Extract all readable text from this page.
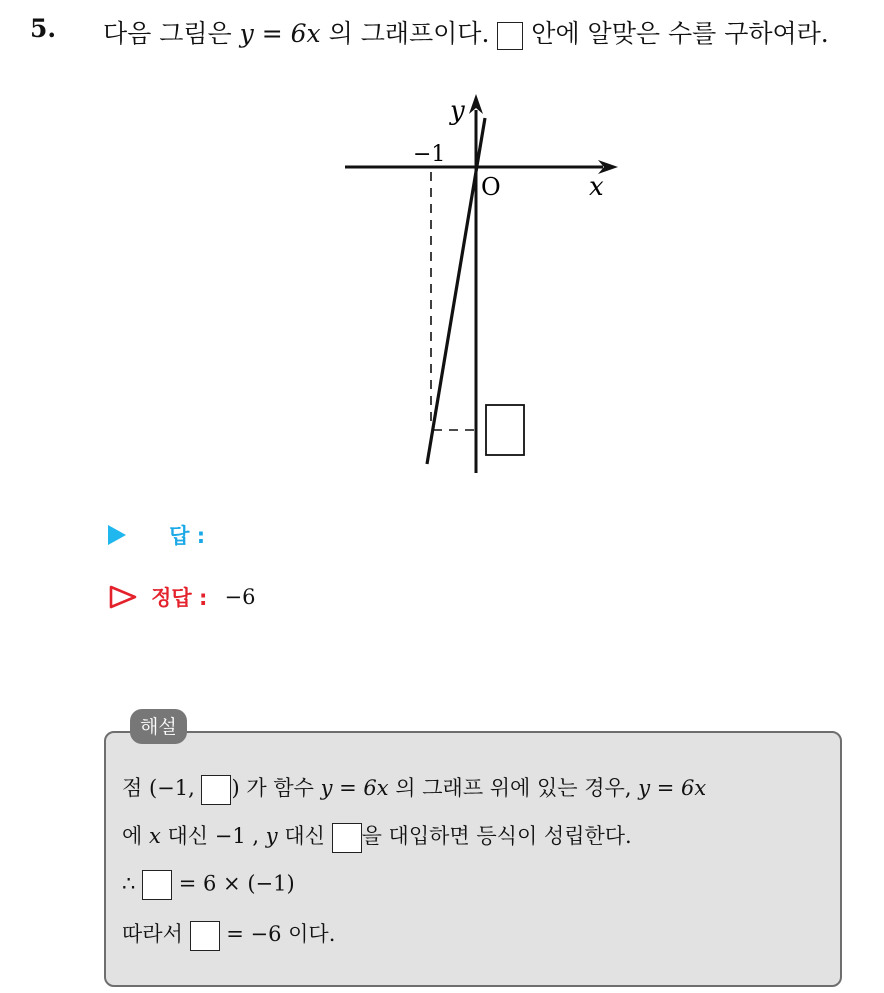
5. 다음 그림은 y = 6x 의 그래프이다. 안에 알맞은 수를 구하여라.
y
O	x
−1
답 :
정답 : −6
해설
점 (−1, ) 가 함수 y = 6x 의 그래프 위에 있는 경우, y = 6x
에 x 대신 −1 , y 대신 을 대입하면 등식이 성립한다.
∴ = 6 × (−1)
따라서 = −6 이다.
